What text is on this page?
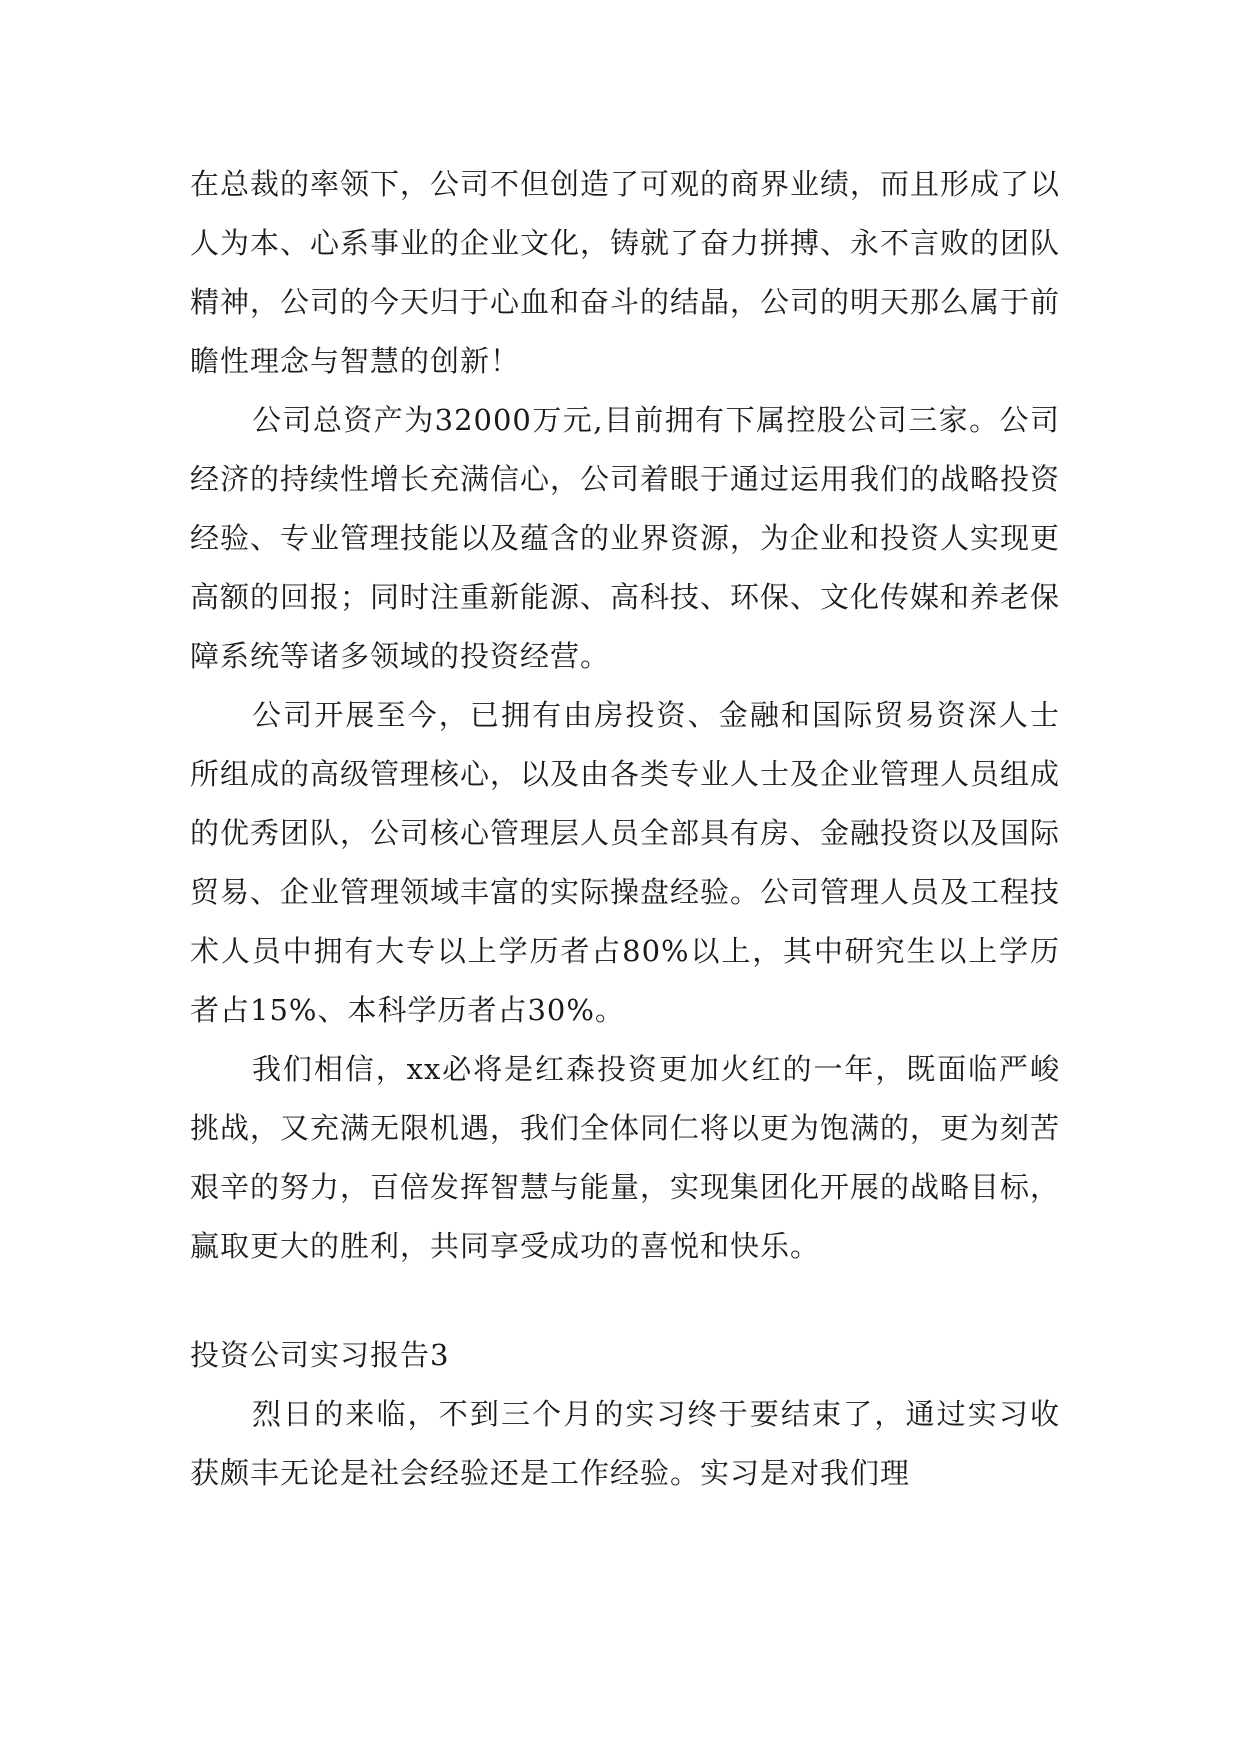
在总裁的率领下，公司不但创造了可观的商界业绩，而且形成了以人为本、心系事业的企业文化，铸就了奋力拼搏、永不言败的团队精神，公司的今天归于心血和奋斗的结晶，公司的明天那么属于前瞻性理念与智慧的创新！

公司总资产为32000万元,目前拥有下属控股公司三家。公司经济的持续性增长充满信心，公司着眼于通过运用我们的战略投资经验、专业管理技能以及蕴含的业界资源，为企业和投资人实现更高额的回报；同时注重新能源、高科技、环保、文化传媒和养老保障系统等诸多领域的投资经营。

公司开展至今，已拥有由房投资、金融和国际贸易资深人士所组成的高级管理核心，以及由各类专业人士及企业管理人员组成的优秀团队，公司核心管理层人员全部具有房、金融投资以及国际贸易、企业管理领域丰富的实际操盘经验。公司管理人员及工程技术人员中拥有大专以上学历者占80%以上，其中研究生以上学历者占15%、本科学历者占30%。

我们相信，xx必将是红森投资更加火红的一年，既面临严峻挑战，又充满无限机遇，我们全体同仁将以更为饱满的，更为刻苦艰辛的努力，百倍发挥智慧与能量，实现集团化开展的战略目标，赢取更大的胜利，共同享受成功的喜悦和快乐。

投资公司实习报告3

烈日的来临，不到三个月的实习终于要结束了，通过实习收获颇丰无论是社会经验还是工作经验。实习是对我们理
